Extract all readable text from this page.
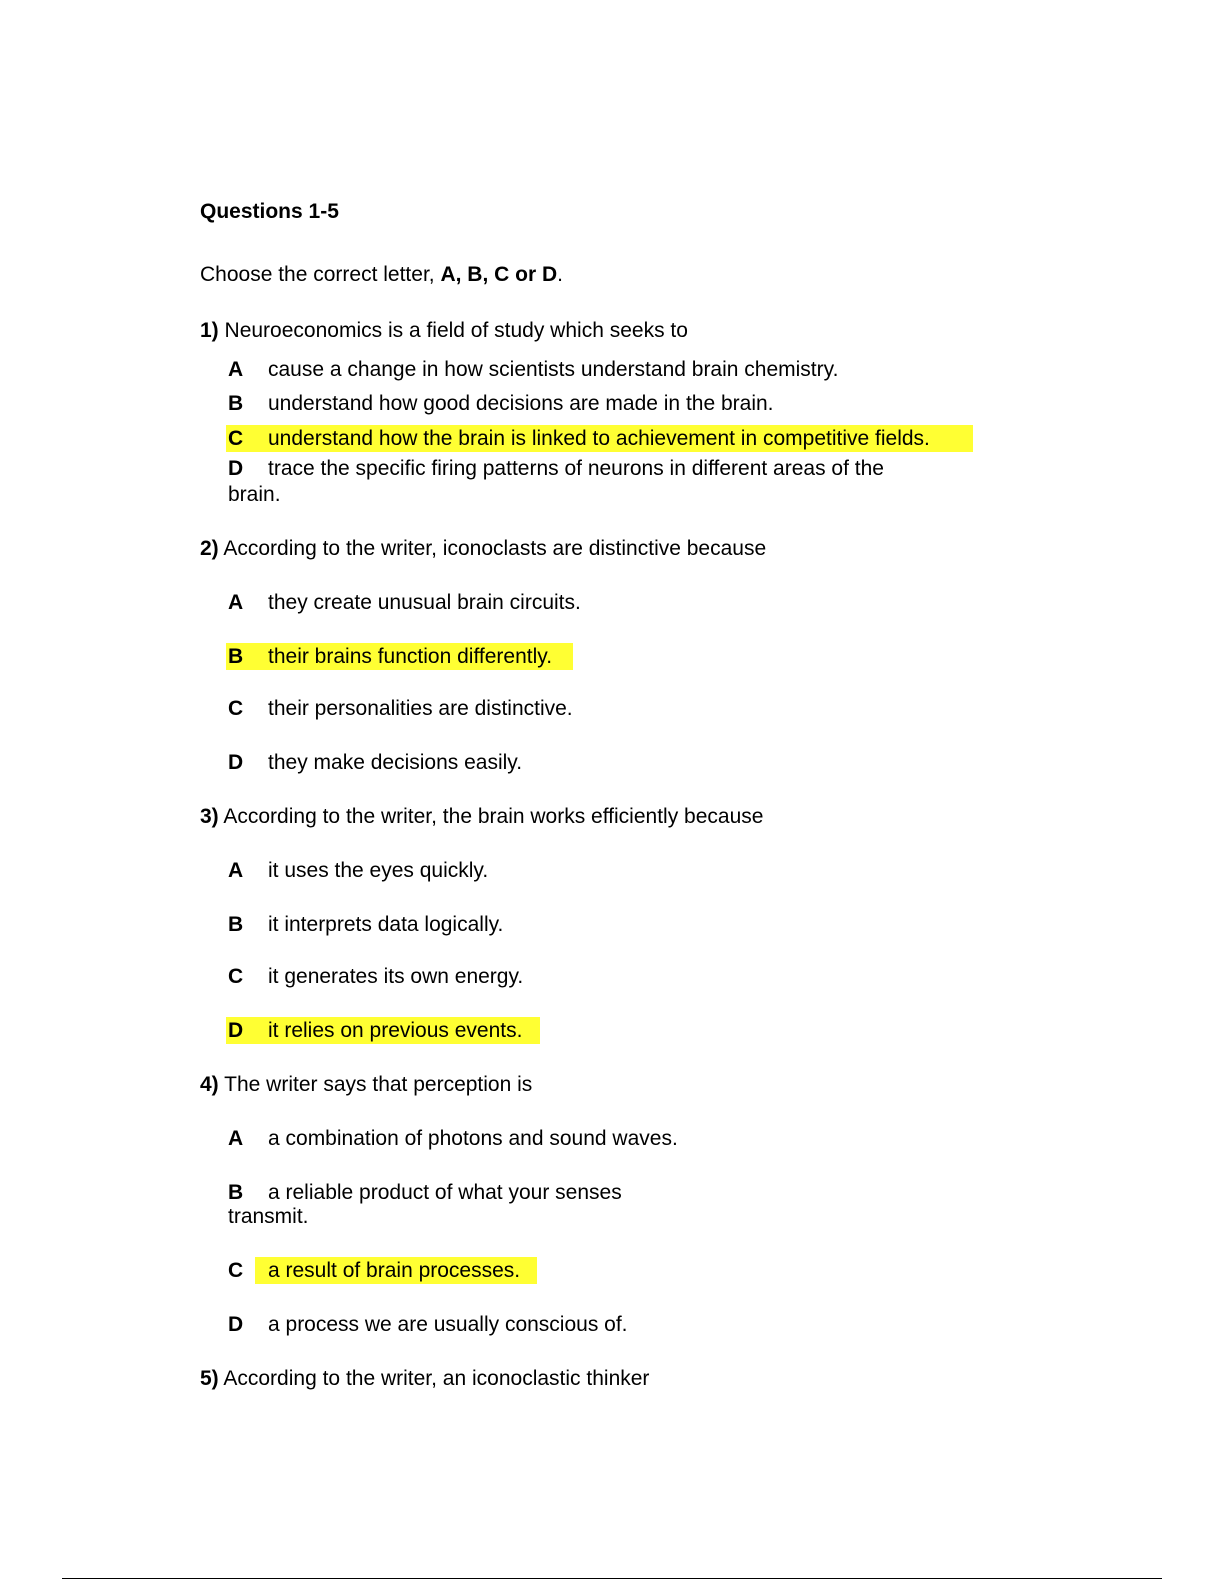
Questions 1-5
Choose the correct letter, A, B, C or D.
1) Neuroeconomics is a field of study which seeks to
A cause a change in how scientists understand brain chemistry.
B understand how good decisions are made in the brain.
C understand how the brain is linked to achievement in competitive fields.
D trace the specific firing patterns of neurons in different areas of the
brain.
2) According to the writer, iconoclasts are distinctive because
A they create unusual brain circuits.
B their brains function differently.
C their personalities are distinctive.
D they make decisions easily.
3) According to the writer, the brain works efficiently because
A it uses the eyes quickly.
B it interprets data logically.
C it generates its own energy.
D it relies on previous events.
4) The writer says that perception is
A a combination of photons and sound waves.
B a reliable product of what your senses
transmit.
C a result of brain processes.
D a process we are usually conscious of.
5) According to the writer, an iconoclastic thinker
